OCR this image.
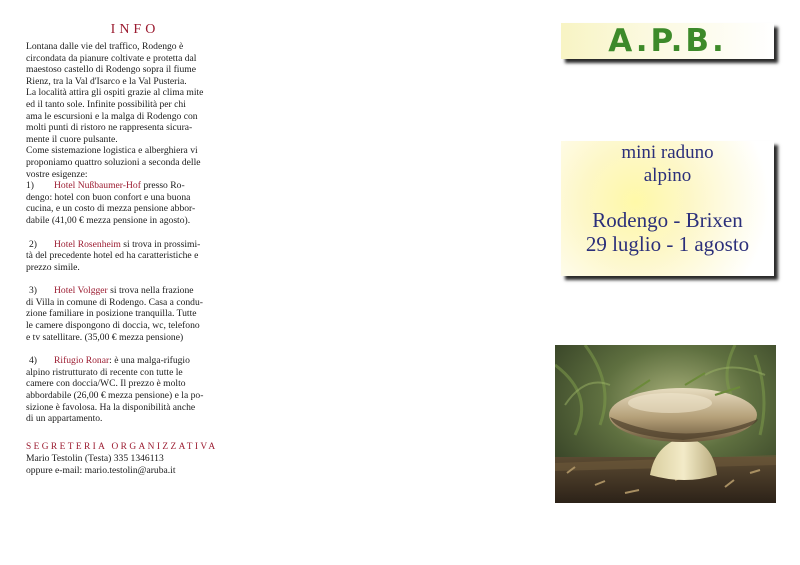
INFO

Lontana dalle vie del traffico, Rodengo è

circondata da pianure coltivate e protetta dal

maestoso castello di Rodengo sopra il fiume

Rienz, tra la Val d'Isarco e la Val Pusteria.

La località attira gli ospiti grazie al clima mite

ed il tanto sole. Infinite possibilità per chi

ama le escursioni e la malga di Rodengo con

molti punti di ristoro ne rappresenta sicura-

mente il cuore pulsante.

Come sistemazione logistica e alberghiera vi

proponiamo quattro soluzioni a seconda delle

vostre esigenze:

1) Hotel Nußbaumer-Hof presso Ro-

dengo: hotel con buon confort e una buona

cucina, e un costo di mezza pensione abbor-

dabile (41,00 € mezza pensione in agosto).

2) Hotel Rosenheim si trova in prossimi-

tà del precedente hotel ed ha caratteristiche e

prezzo simile.

3) Hotel Volgger si trova nella frazione

di Villa in comune di Rodengo. Casa a condu-

zione familiare in posizione tranquilla. Tutte

le camere dispongono di doccia, wc, telefono

e tv satellitare. (35,00 € mezza pensione)

4) Rifugio Ronar: è una malga-rifugio

alpino ristrutturato di recente con tutte le

camere con doccia/WC. Il prezzo è molto

abbordabile (26,00 € mezza pensione) e la po-

sizione è favolosa. Ha la disponibilità anche

di un appartamento.

SEGRETERIA ORGANIZZATIVA

Mario Testolin (Testa) 335 1346113

oppure e-mail: mario.testolin@aruba.it

A.P.B.
mini raduno
alpino
Rodengo - Brixen
29 luglio - 1 agosto
